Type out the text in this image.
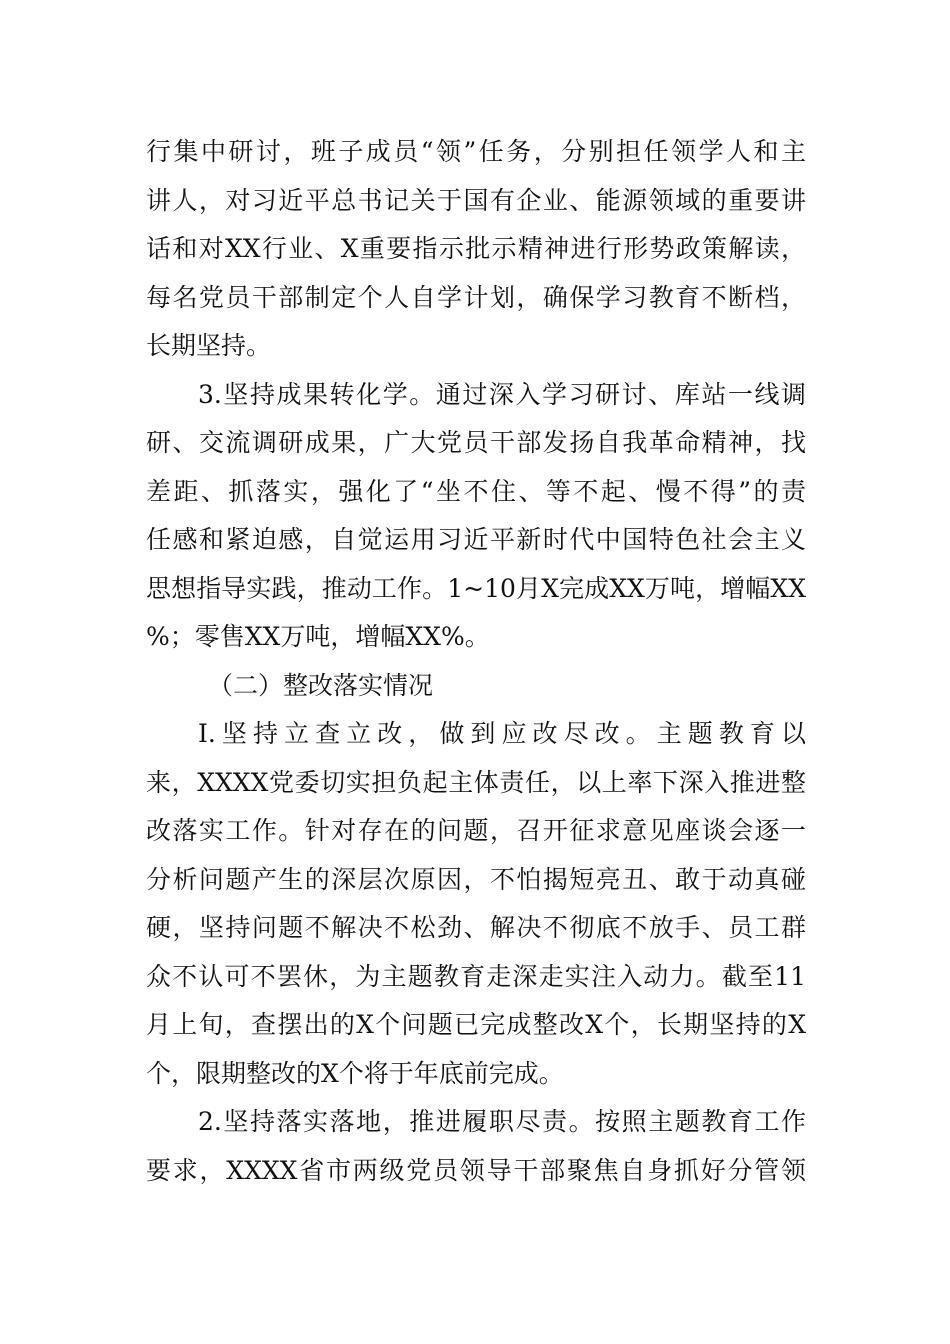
行集中研讨，班子成员“领”任务，分别担任领学人和主
讲人，对习近平总书记关于国有企业、能源领域的重要讲
话和对XX行业、X重要指示批示精神进行形势政策解读，
每名党员干部制定个人自学计划，确保学习教育不断档，
长期坚持。
3.坚持成果转化学。通过深入学习研讨、库站一线调
研、交流调研成果，广大党员干部发扬自我革命精神，找
差距、抓落实，强化了“坐不住、等不起、慢不得”的责
任感和紧迫感，自觉运用习近平新时代中国特色社会主义
思想指导实践，推动工作。1~10月X完成XX万吨，增幅XX
%；零售XX万吨，增幅XX%。
（二）整改落实情况
I.坚持立查立改，做到应改尽改。主题教育以
来，XXXX党委切实担负起主体责任，以上率下深入推进整
改落实工作。针对存在的问题，召开征求意见座谈会逐一
分析问题产生的深层次原因，不怕揭短亮丑、敢于动真碰
硬，坚持问题不解决不松劲、解决不彻底不放手、员工群
众不认可不罢休，为主题教育走深走实注入动力。截至11
月上旬，查摆出的X个问题已完成整改X个，长期坚持的X
个，限期整改的X个将于年底前完成。
2.坚持落实落地，推进履职尽责。按照主题教育工作
要求，XXXX省市两级党员领导干部聚焦自身抓好分管领
